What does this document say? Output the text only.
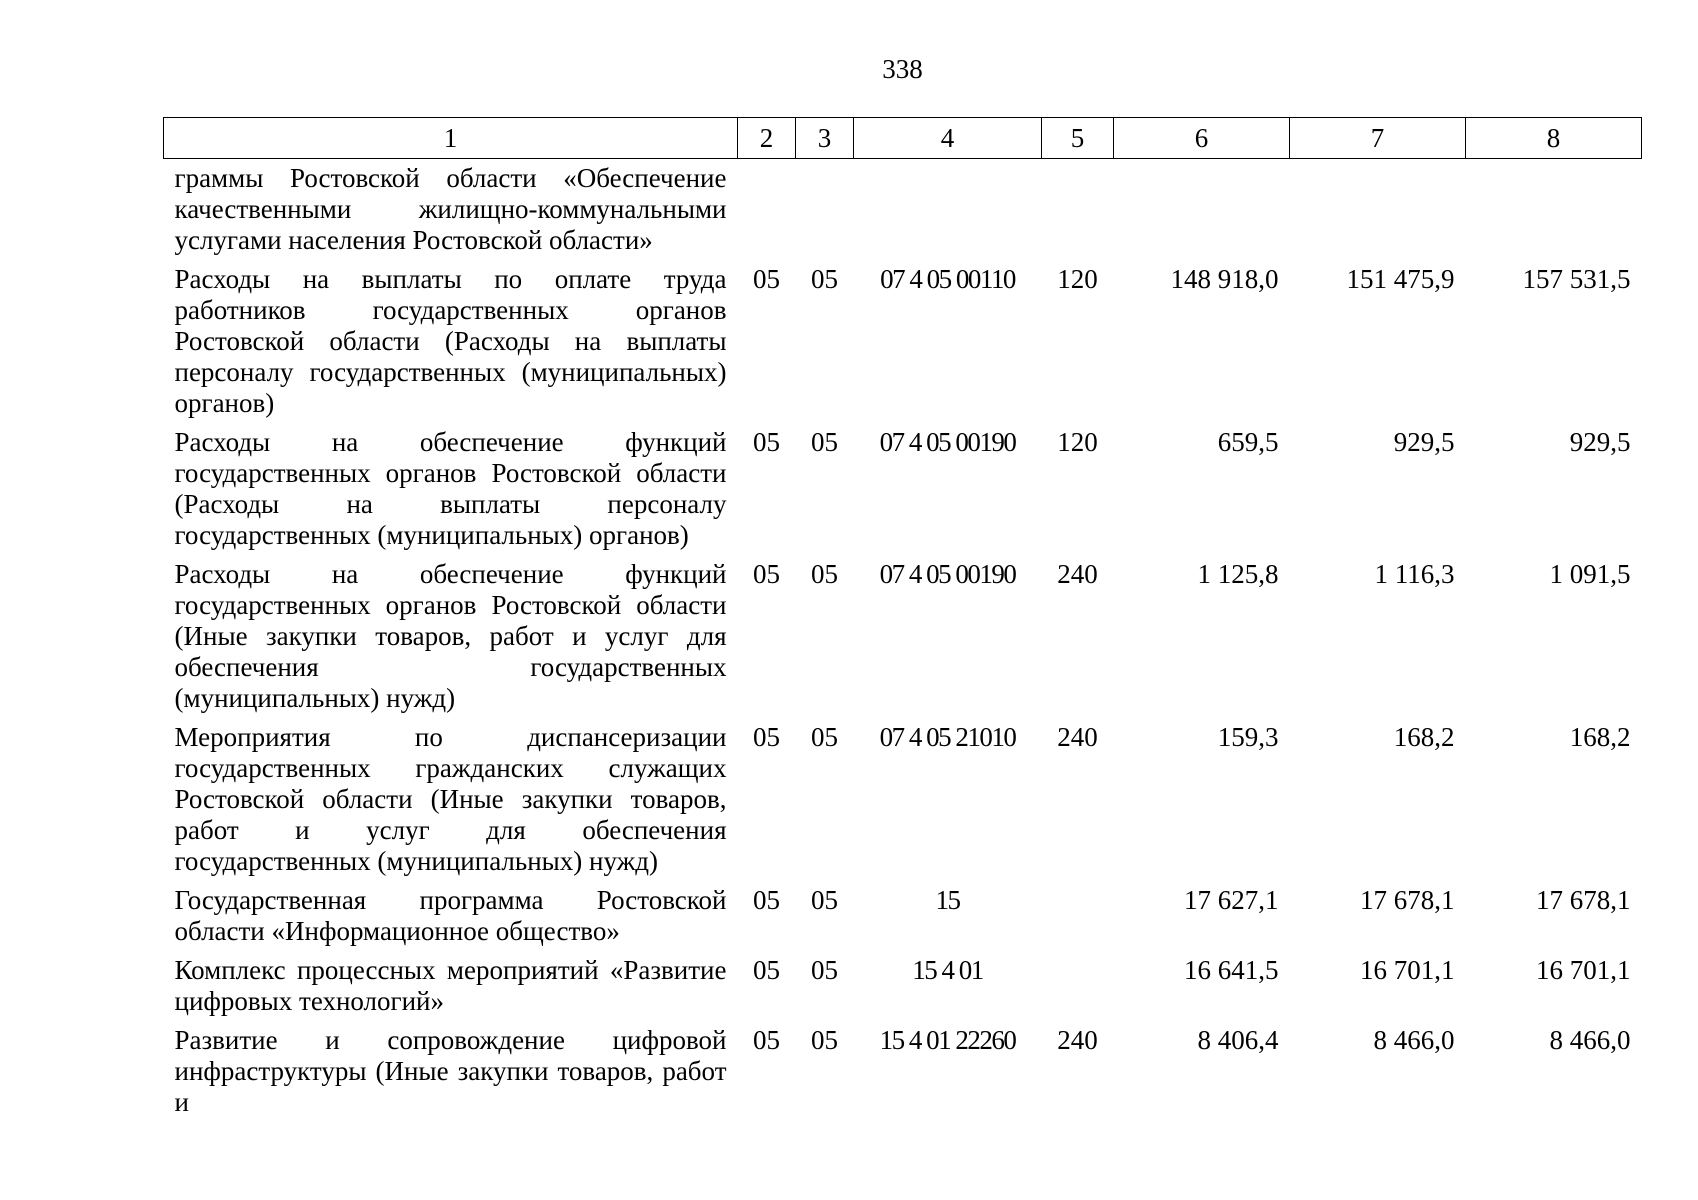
338
1	2	3	4	5	6	7	8
граммы Ростовской области «Обеспечение качественными жилищно-коммунальными услугами населения Ростовской области»							
Расходы на выплаты по оплате труда работников государственных органов Ростовской области (Расходы на выплаты персоналу государственных (муниципальных) органов)	05	05	07 4 05 00110	120	148 918,0	151 475,9	157 531,5
Расходы на обеспечение функций государственных органов Ростовской области (Расходы на выплаты персоналу государственных (муниципальных) органов)	05	05	07 4 05 00190	120	659,5	929,5	929,5
Расходы на обеспечение функций государственных органов Ростовской области (Иные закупки товаров, работ и услуг для обеспечения государственных (муниципальных) нужд)	05	05	07 4 05 00190	240	1 125,8	1 116,3	1 091,5
Мероприятия по диспансеризации государственных гражданских служащих Ростовской области (Иные закупки товаров, работ и услуг для обеспечения государственных (муниципальных) нужд)	05	05	07 4 05 21010	240	159,3	168,2	168,2
Государственная программа Ростовской области «Информационное общество»	05	05	15		17 627,1	17 678,1	17 678,1
Комплекс процессных мероприятий «Развитие цифровых технологий»	05	05	15 4 01		16 641,5	16 701,1	16 701,1
Развитие и сопровождение цифровой инфраструктуры (Иные закупки товаров, работ и	05	05	15 4 01 22260	240	8 406,4	8 466,0	8 466,0
